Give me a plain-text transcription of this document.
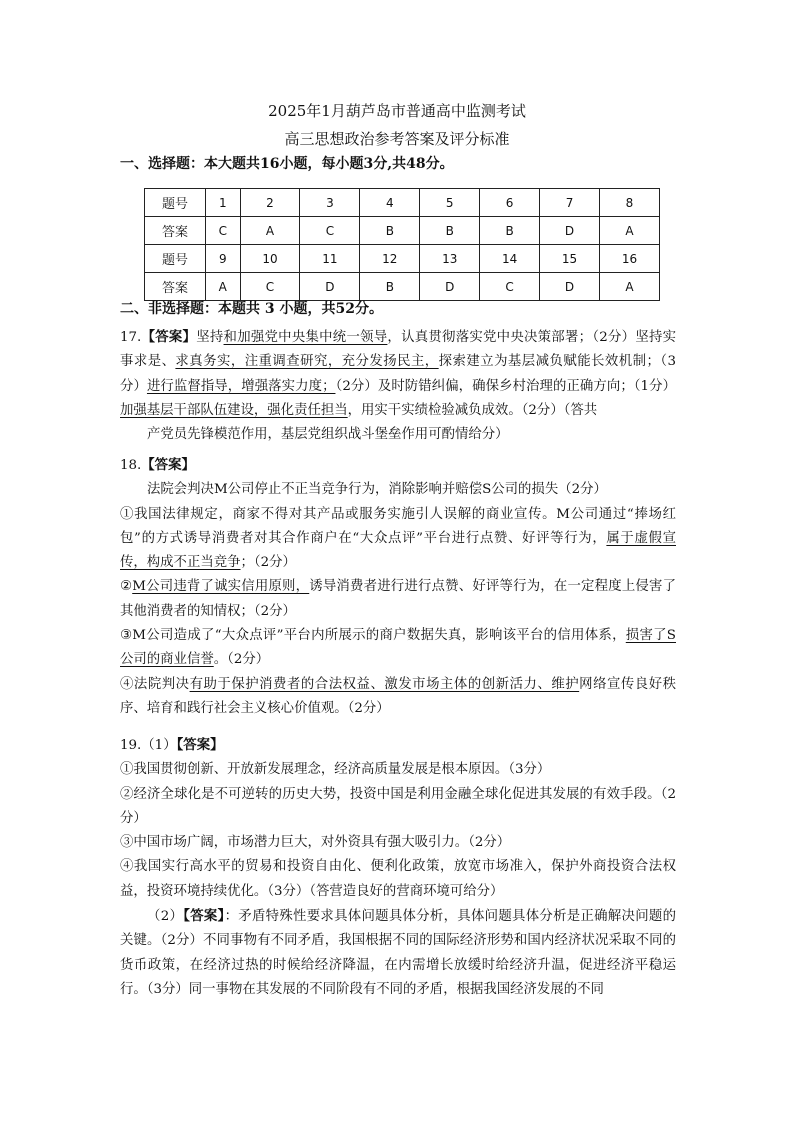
2025年1月葫芦岛市普通高中监测考试
高三思想政治参考答案及评分标准
一、选择题：本大题共16小题，每小题3分,共48分。
题号	1	2	3	4	5	6	7	8
答案	C	A	C	B	B	B	D	A
题号	9	10	11	12	13	14	15	16
答案	A	C	D	B	D	C	D	A
二、非选择题：本题共 3 小题，共52分。

17.【答案】坚持和加强党中央集中统一领导，认真贯彻落实党中央决策部署；（2分）坚持实事求是、求真务实，注重调查研究，充分发扬民主，探索建立为基层减负赋能长效机制；（3分）进行监督指导，增强落实力度；（2分）及时防错纠偏，确保乡村治理的正确方向；（1分）加强基层干部队伍建设，强化责任担当，用实干实绩检验减负成效。（2分）（答共

产党员先锋模范作用，基层党组织战斗堡垒作用可酌情给分）

18.【答案】

法院会判决M公司停止不正当竞争行为，消除影响并赔偿S公司的损失（2分）

①我国法律规定，商家不得对其产品或服务实施引人误解的商业宣传。M公司通过“捧场红包”的方式诱导消费者对其合作商户在“大众点评”平台进行点赞、好评等行为，属于虚假宣传，构成不正当竞争；（2分）

②M公司违背了诚实信用原则，诱导消费者进行进行点赞、好评等行为，在一定程度上侵害了其他消费者的知情权；（2分）

③M公司造成了“大众点评”平台内所展示的商户数据失真，影响该平台的信用体系，损害了S公司的商业信誉。（2分）

④法院判决有助于保护消费者的合法权益、激发市场主体的创新活力、维护网络宣传良好秩序、培育和践行社会主义核心价值观。（2分）

19.（1）【答案】

①我国贯彻创新、开放新发展理念，经济高质量发展是根本原因。（3分）

②经济全球化是不可逆转的历史大势，投资中国是利用金融全球化促进其发展的有效手段。（2分）

③中国市场广阔，市场潜力巨大，对外资具有强大吸引力。（2分）

④我国实行高水平的贸易和投资自由化、便利化政策，放宽市场准入，保护外商投资合法权益，投资环境持续优化。（3分）（答营造良好的营商环境可给分）

（2）【答案】：矛盾特殊性要求具体问题具体分析，具体问题具体分析是正确解决问题的关键。（2分）不同事物有不同矛盾，我国根据不同的国际经济形势和国内经济状况采取不同的货币政策，在经济过热的时候给经济降温，在内需增长放缓时给经济升温，促进经济平稳运行。（3分）同一事物在其发展的不同阶段有不同的矛盾，根据我国经济发展的不同
